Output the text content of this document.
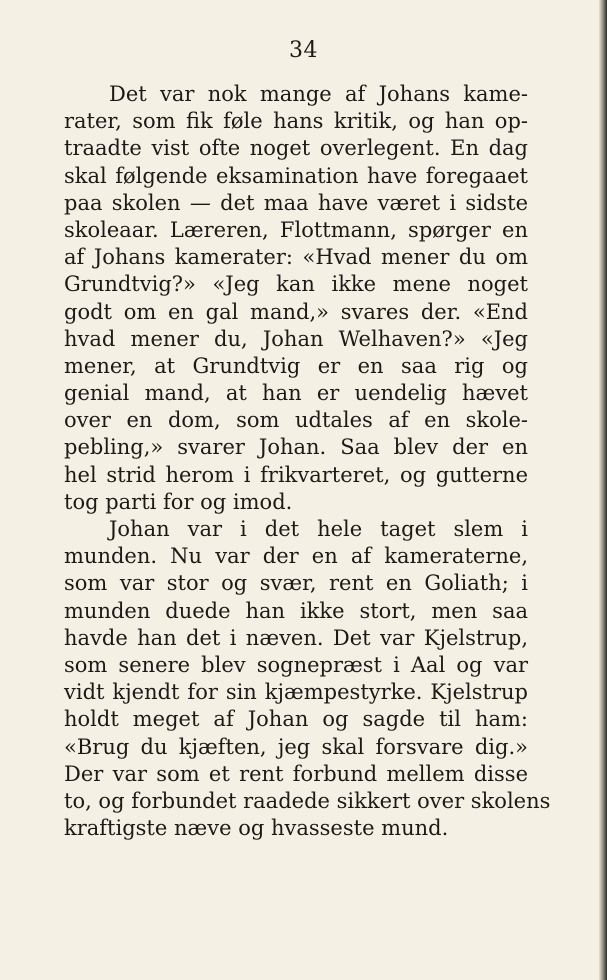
34
Det var nok mange af Johans kame-
rater, som fik føle hans kritik, og han op-
traadte vist ofte noget overlegent. En dag
skal følgende eksamination have foregaaet
paa skolen — det maa have været i sidste
skoleaar. Læreren, Flottmann, spørger en
af Johans kamerater: «Hvad mener du om
Grundtvig?» «Jeg kan ikke mene noget
godt om en gal mand,» svares der. «End
hvad mener du, Johan Welhaven?» «Jeg
mener, at Grundtvig er en saa rig og
genial mand, at han er uendelig hævet
over en dom, som udtales af en skole-
pebling,» svarer Johan. Saa blev der en
hel strid herom i frikvarteret, og gutterne
tog parti for og imod.
Johan var i det hele taget slem i
munden. Nu var der en af kameraterne,
som var stor og svær, rent en Goliath; i
munden duede han ikke stort, men saa
havde han det i næven. Det var Kjelstrup,
som senere blev sognepræst i Aal og var
vidt kjendt for sin kjæmpestyrke. Kjelstrup
holdt meget af Johan og sagde til ham:
«Brug du kjæften, jeg skal forsvare dig.»
Der var som et rent forbund mellem disse
to, og forbundet raadede sikkert over skolens
kraftigste næve og hvasseste mund.
